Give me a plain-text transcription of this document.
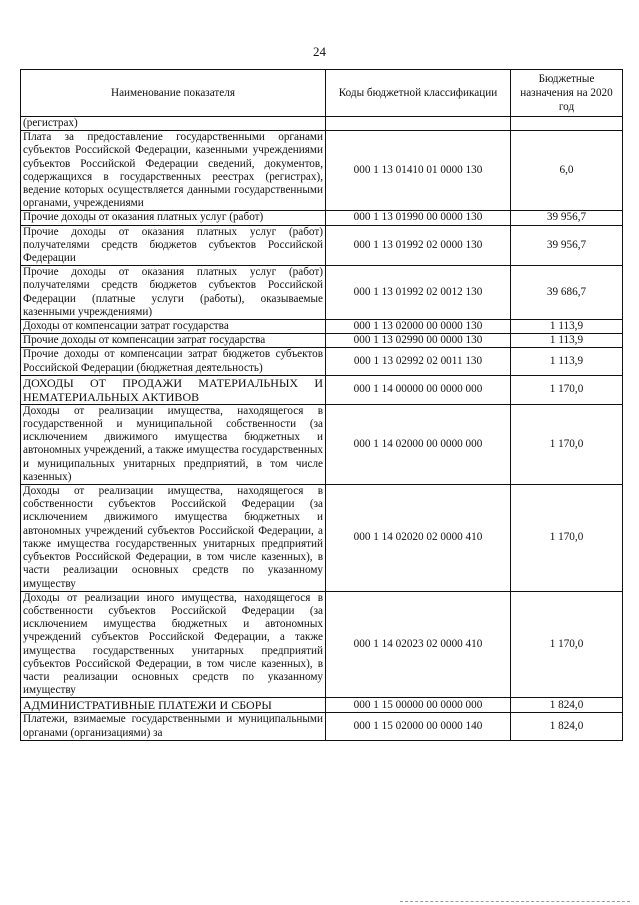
24
Наименование показателя	Коды бюджетной классификации	Бюджетные назначения на 2020 год
(регистрах)		
Плата за предоставление государственными органами субъектов Российской Федерации, казенными учреждениями субъектов Российской Федерации сведений, документов, содержащихся в государственных реестрах (регистрах), ведение которых осуществляется данными государственными органами, учреждениями	000 1 13 01410 01 0000 130	6,0
Прочие доходы от оказания платных услуг (работ)	000 1 13 01990 00 0000 130	39 956,7
Прочие доходы от оказания платных услуг (работ) получателями средств бюджетов субъектов Российской Федерации	000 1 13 01992 02 0000 130	39 956,7
Прочие доходы от оказания платных услуг (работ) получателями средств бюджетов субъектов Российской Федерации (платные услуги (работы), оказываемые казенными учреждениями)	000 1 13 01992 02 0012 130	39 686,7
Доходы от компенсации затрат государства	000 1 13 02000 00 0000 130	1 113,9
Прочие доходы от компенсации затрат государства	000 1 13 02990 00 0000 130	1 113,9
Прочие доходы от компенсации затрат бюджетов субъектов Российской Федерации (бюджетная деятельность)	000 1 13 02992 02 0011 130	1 113,9
ДОХОДЫ ОТ ПРОДАЖИ МАТЕРИАЛЬНЫХ И НЕМАТЕРИАЛЬНЫХ АКТИВОВ	000 1 14 00000 00 0000 000	1 170,0
Доходы от реализации имущества, находящегося в государственной и муниципальной собственности (за исключением движимого имущества бюджетных и автономных учреждений, а также имущества государственных и муниципальных унитарных предприятий, в том числе казенных)	000 1 14 02000 00 0000 000	1 170,0
Доходы от реализации имущества, находящегося в собственности субъектов Российской Федерации (за исключением движимого имущества бюджетных и автономных учреждений субъектов Российской Федерации, а также имущества государственных унитарных предприятий субъектов Российской Федерации, в том числе казенных), в части реализации основных средств по указанному имуществу	000 1 14 02020 02 0000 410	1 170,0
Доходы от реализации иного имущества, находящегося в собственности субъектов Российской Федерации (за исключением имущества бюджетных и автономных учреждений субъектов Российской Федерации, а также имущества государственных унитарных предприятий субъектов Российской Федерации, в том числе казенных), в части реализации основных средств по указанному имуществу	000 1 14 02023 02 0000 410	1 170,0
АДМИНИСТРАТИВНЫЕ ПЛАТЕЖИ И СБОРЫ	000 1 15 00000 00 0000 000	1 824,0
Платежи, взимаемые государственными и муниципальными органами (организациями) за	000 1 15 02000 00 0000 140	1 824,0
